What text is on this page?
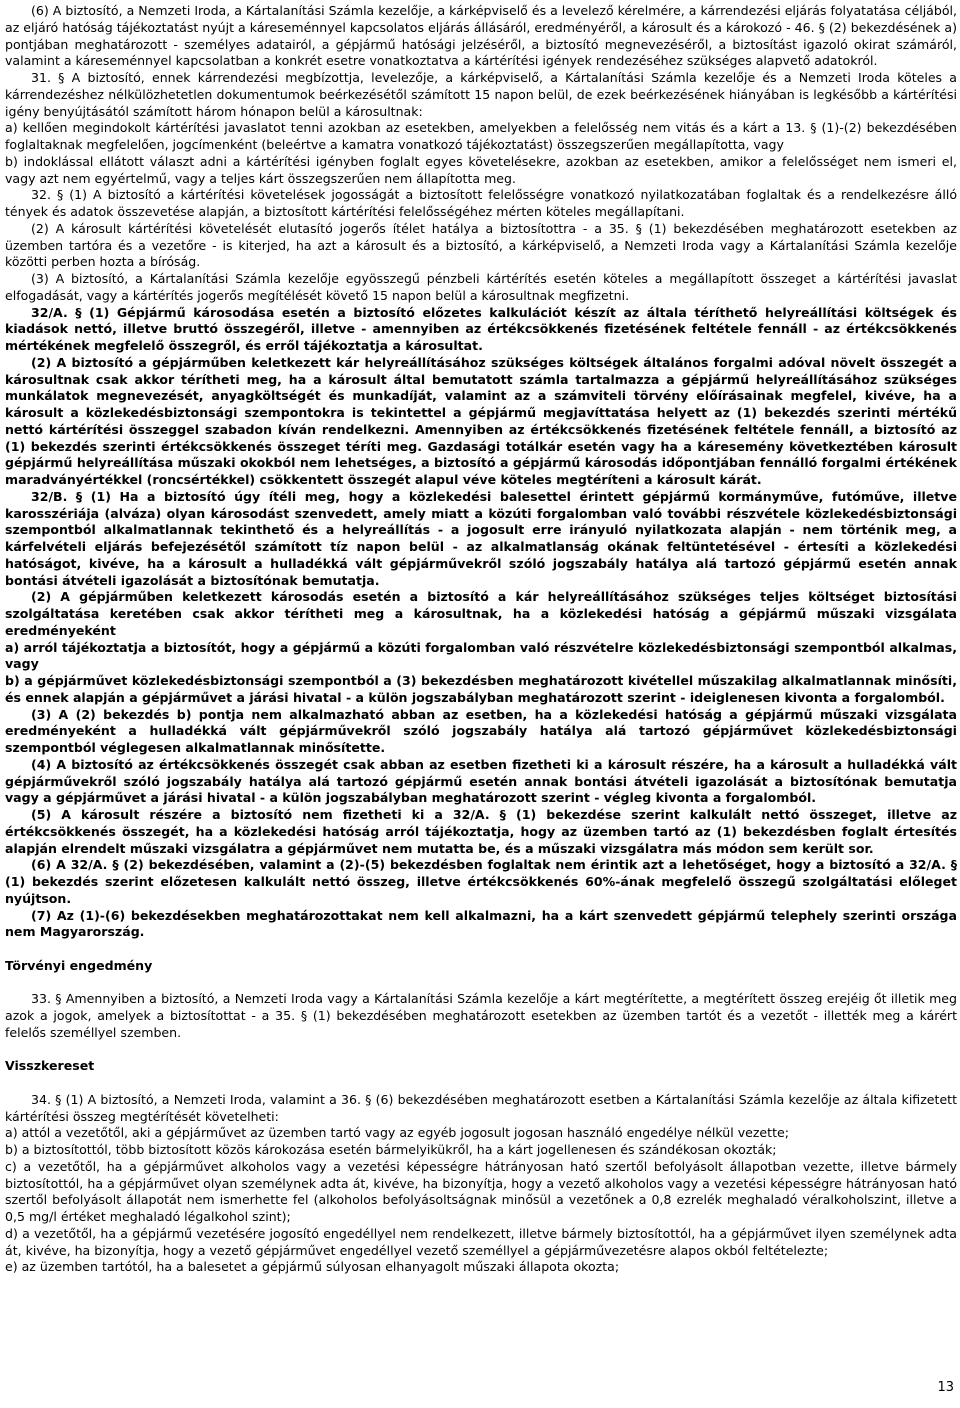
(6) A biztosító, a Nemzeti Iroda, a Kártalanítási Számla kezelője, a kárképviselő és a levelező kérelmére, a kárrendezési eljárás folyatatása céljából, az eljáró hatóság tájékoztatást nyújt a káreseménnyel kapcsolatos eljárás állásáról, eredményéről, a károsult és a károkozó - 46. § (2) bekezdésének a) pontjában meghatározott - személyes adatairól, a gépjármű hatósági jelzéséről, a biztosító megnevezéséről, a biztosítást igazoló okirat számáról, valamint a káreseménnyel kapcsolatban a konkrét esetre vonatkoztatva a kártérítési igények rendezéséhez szükséges alapvető adatokról.

31. § A biztosító, ennek kárrendezési megbízottja, levelezője, a kárképviselő, a Kártalanítási Számla kezelője és a Nemzeti Iroda köteles a kárrendezéshez nélkülözhetetlen dokumentumok beérkezésétől számított 15 napon belül, de ezek beérkezésének hiányában is legkésőbb a kártérítési igény benyújtásától számított három hónapon belül a károsultnak:

a) kellően megindokolt kártérítési javaslatot tenni azokban az esetekben, amelyekben a felelősség nem vitás és a kárt a 13. § (1)-(2) bekezdésében foglaltaknak megfelelően, jogcímenként (beleértve a kamatra vonatkozó tájékoztatást) összegszerűen megállapította, vagy

b) indoklással ellátott választ adni a kártérítési igényben foglalt egyes követelésekre, azokban az esetekben, amikor a felelősséget nem ismeri el, vagy azt nem egyértelmű, vagy a teljes kárt összegszerűen nem állapította meg.

32. § (1) A biztosító a kártérítési követelések jogosságát a biztosított felelősségre vonatkozó nyilatkozatában foglaltak és a rendelkezésre álló tények és adatok összevetése alapján, a biztosított kártérítési felelősségéhez mérten köteles megállapítani.

(2) A károsult kártérítési követelését elutasító jogerős ítélet hatálya a biztosítottra - a 35. § (1) bekezdésében meghatározott esetekben az üzemben tartóra és a vezetőre - is kiterjed, ha azt a károsult és a biztosító, a kárképviselő, a Nemzeti Iroda vagy a Kártalanítási Számla kezelője közötti perben hozta a bíróság.

(3) A biztosító, a Kártalanítási Számla kezelője egyösszegű pénzbeli kártérítés esetén köteles a megállapított összeget a kártérítési javaslat elfogadását, vagy a kártérítés jogerős megítélését követő 15 napon belül a károsultnak megfizetni.

32/A. § (1) Gépjármű károsodása esetén a biztosító előzetes kalkulációt készít az általa téríthető helyreállítási költségek és kiadások nettó, illetve bruttó összegéről, illetve - amennyiben az értékcsökkenés fizetésének feltétele fennáll - az értékcsökkenés mértékének megfelelő összegről, és erről tájékoztatja a károsultat.

(2) A biztosító a gépjárműben keletkezett kár helyreállításához szükséges költségek általános forgalmi adóval növelt összegét a károsultnak csak akkor térítheti meg, ha a károsult által bemutatott számla tartalmazza a gépjármű helyreállításához szükséges munkálatok megnevezését, anyagköltségét és munkadíját, valamint az a számviteli törvény előírásainak megfelel, kivéve, ha a károsult a közlekedésbiztonsági szempontokra is tekintettel a gépjármű megjavíttatása helyett az (1) bekezdés szerinti mértékű nettó kártérítési összeggel szabadon kíván rendelkezni. Amennyiben az értékcsökkenés fizetésének feltétele fennáll, a biztosító az (1) bekezdés szerinti értékcsökkenés összeget téríti meg. Gazdasági totálkár esetén vagy ha a káresemény következtében károsult gépjármű helyreállítása műszaki okokból nem lehetséges, a biztosító a gépjármű károsodás időpontjában fennálló forgalmi értékének maradványértékkel (roncsértékkel) csökkentett összegét alapul véve köteles megtéríteni a károsult kárát.

32/B. § (1) Ha a biztosító úgy ítéli meg, hogy a közlekedési balesettel érintett gépjármű kormányműve, futóműve, illetve karosszériája (alváza) olyan károsodást szenvedett, amely miatt a közúti forgalomban való további részvétele közlekedésbiztonsági szempontból alkalmatlannak tekinthető és a helyreállítás - a jogosult erre irányuló nyilatkozata alapján - nem történik meg, a kárfelvételi eljárás befejezésétől számított tíz napon belül - az alkalmatlanság okának feltüntetésével - értesíti a közlekedési hatóságot, kivéve, ha a károsult a hulladékká vált gépjárművekről szóló jogszabály hatálya alá tartozó gépjármű esetén annak bontási átvételi igazolását a biztosítónak bemutatja.

(2) A gépjárműben keletkezett károsodás esetén a biztosító a kár helyreállításához szükséges teljes költséget biztosítási szolgáltatása keretében csak akkor térítheti meg a károsultnak, ha a közlekedési hatóság a gépjármű műszaki vizsgálata eredményeként

a) arról tájékoztatja a biztosítót, hogy a gépjármű a közúti forgalomban való részvételre közlekedésbiztonsági szempontból alkalmas, vagy

b) a gépjárművet közlekedésbiztonsági szempontból a (3) bekezdésben meghatározott kivétellel műszakilag alkalmatlannak minősíti, és ennek alapján a gépjárművet a járási hivatal - a külön jogszabályban meghatározott szerint - ideiglenesen kivonta a forgalomból.

(3) A (2) bekezdés b) pontja nem alkalmazható abban az esetben, ha a közlekedési hatóság a gépjármű műszaki vizsgálata eredményeként a hulladékká vált gépjárművekről szóló jogszabály hatálya alá tartozó gépjárművet közlekedésbiztonsági szempontból véglegesen alkalmatlannak minősítette.

(4) A biztosító az értékcsökkenés összegét csak abban az esetben fizetheti ki a károsult részére, ha a károsult a hulladékká vált gépjárművekről szóló jogszabály hatálya alá tartozó gépjármű esetén annak bontási átvételi igazolását a biztosítónak bemutatja vagy a gépjárművet a járási hivatal - a külön jogszabályban meghatározott szerint - végleg kivonta a forgalomból.

(5) A károsult részére a biztosító nem fizetheti ki a 32/A. § (1) bekezdése szerint kalkulált nettó összeget, illetve az értékcsökkenés összegét, ha a közlekedési hatóság arról tájékoztatja, hogy az üzemben tartó az (1) bekezdésben foglalt értesítés alapján elrendelt műszaki vizsgálatra a gépjárművet nem mutatta be, és a műszaki vizsgálatra más módon sem került sor.

(6) A 32/A. § (2) bekezdésében, valamint a (2)-(5) bekezdésben foglaltak nem érintik azt a lehetőséget, hogy a biztosító a 32/A. § (1) bekezdés szerint előzetesen kalkulált nettó összeg, illetve értékcsökkenés 60%-ának megfelelő összegű szolgáltatási előleget nyújtson.

(7) Az (1)-(6) bekezdésekben meghatározottakat nem kell alkalmazni, ha a kárt szenvedett gépjármű telephely szerinti országa nem Magyarország.

Törvényi engedmény

33. § Amennyiben a biztosító, a Nemzeti Iroda vagy a Kártalanítási Számla kezelője a kárt megtérítette, a megtérített összeg erejéig őt illetik meg azok a jogok, amelyek a biztosítottat - a 35. § (1) bekezdésében meghatározott esetekben az üzemben tartót és a vezetőt - illették meg a kárért felelős személlyel szemben.

Visszkereset

34. § (1) A biztosító, a Nemzeti Iroda, valamint a 36. § (6) bekezdésében meghatározott esetben a Kártalanítási Számla kezelője az általa kifizetett kártérítési összeg megtérítését követelheti:

a) attól a vezetőtől, aki a gépjárművet az üzemben tartó vagy az egyéb jogosult jogosan használó engedélye nélkül vezette;

b) a biztosítottól, több biztosított közös károkozása esetén bármelyikükről, ha a kárt jogellenesen és szándékosan okozták;

c) a vezetőtől, ha a gépjárművet alkoholos vagy a vezetési képességre hátrányosan ható szertől befolyásolt állapotban vezette, illetve bármely biztosítottól, ha a gépjárművet olyan személynek adta át, kivéve, ha bizonyítja, hogy a vezető alkoholos vagy a vezetési képességre hátrányosan ható szertől befolyásolt állapotát nem ismerhette fel (alkoholos befolyásoltságnak minősül a vezetőnek a 0,8 ezrelék meghaladó véralkoholszint, illetve a 0,5 mg/l értéket meghaladó légalkohol szint);

d) a vezetőtől, ha a gépjármű vezetésére jogosító engedéllyel nem rendelkezett, illetve bármely biztosítottól, ha a gépjárművet ilyen személynek adta át, kivéve, ha bizonyítja, hogy a vezető gépjárművet engedéllyel vezető személlyel a gépjárművezetésre alapos okból feltételezte;

e) az üzemben tartótól, ha a balesetet a gépjármű súlyosan elhanyagolt műszaki állapota okozta;

13
